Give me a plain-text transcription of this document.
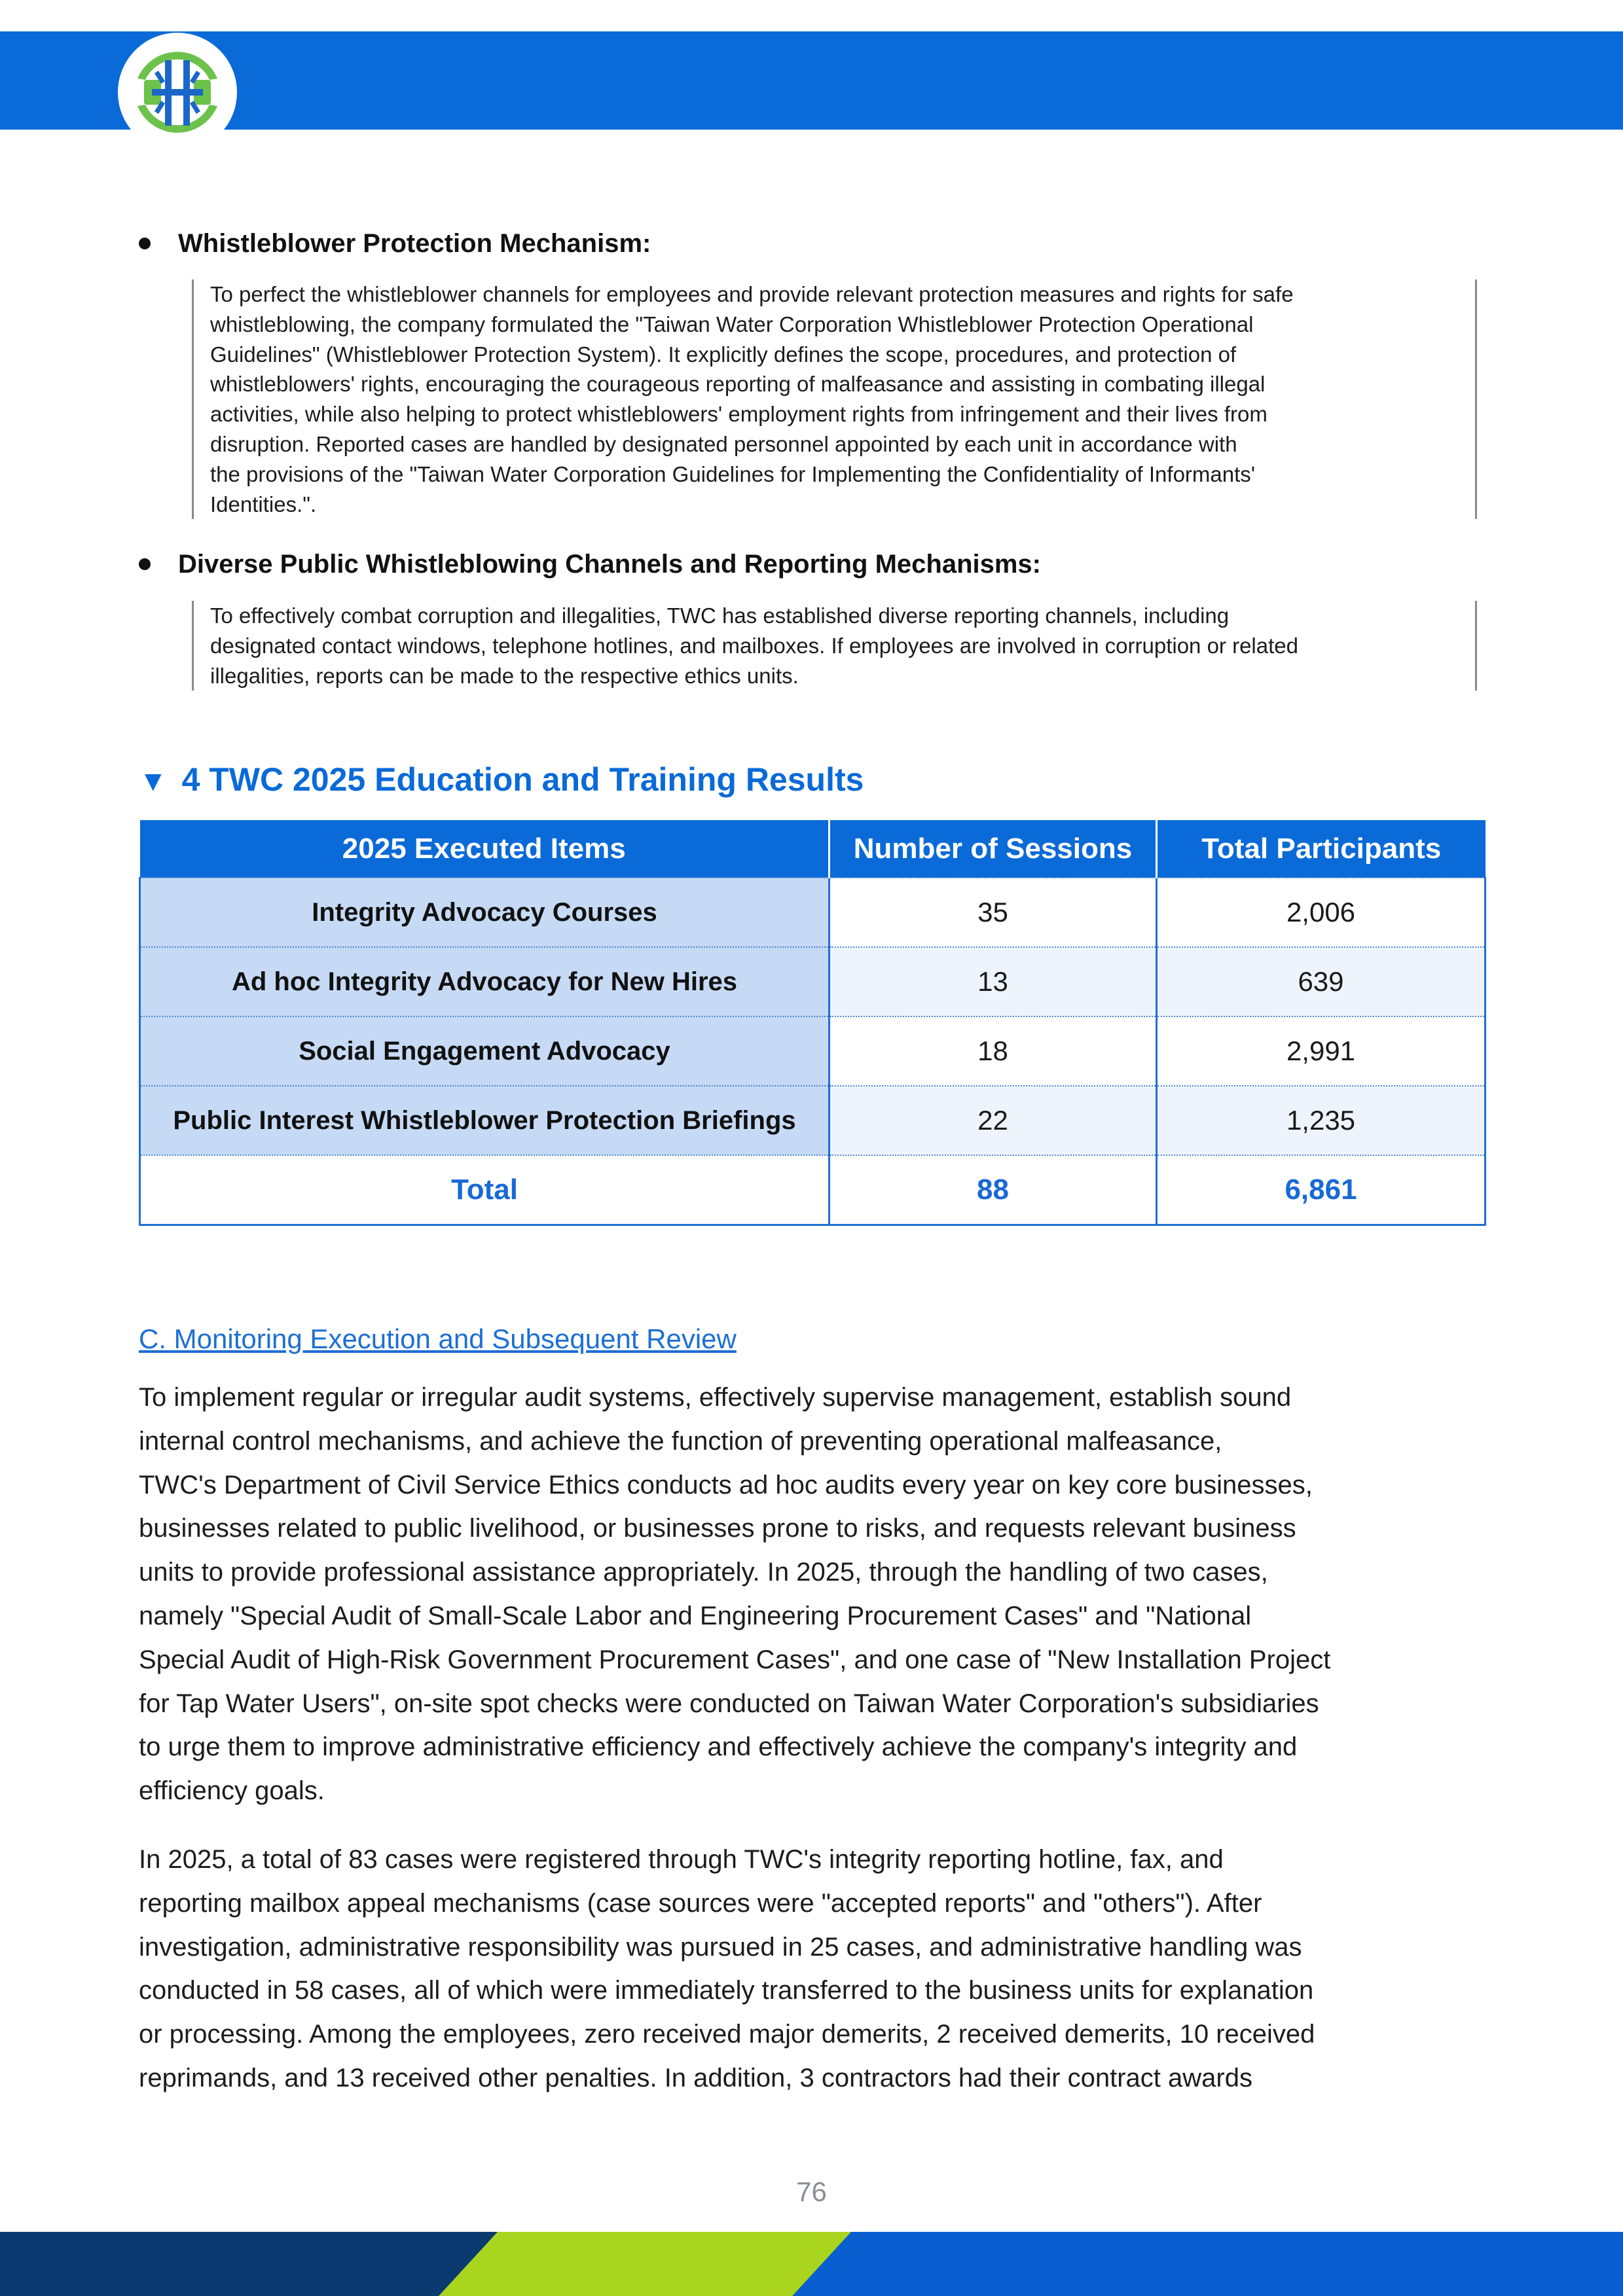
Whistleblower Protection Mechanism:
To perfect the whistleblower channels for employees and provide relevant protection measures and rights for safe
whistleblowing, the company formulated the "Taiwan Water Corporation Whistleblower Protection Operational
Guidelines" (Whistleblower Protection System). It explicitly defines the scope, procedures, and protection of
whistleblowers' rights, encouraging the courageous reporting of malfeasance and assisting in combating illegal
activities, while also helping to protect whistleblowers' employment rights from infringement and their lives from
disruption. Reported cases are handled by designated personnel appointed by each unit in accordance with
the provisions of the "Taiwan Water Corporation Guidelines for Implementing the Confidentiality of Informants'
Identities.".
Diverse Public Whistleblowing Channels and Reporting Mechanisms:
To effectively combat corruption and illegalities, TWC has established diverse reporting channels, including
designated contact windows, telephone hotlines, and mailboxes. If employees are involved in corruption or related
illegalities, reports can be made to the respective ethics units.
▼ 4 TWC 2025 Education and Training Results
2025 Executed Items	Number of Sessions	Total Participants
Integrity Advocacy Courses	35	2,006
Ad hoc Integrity Advocacy for New Hires	13	639
Social Engagement Advocacy	18	2,991
Public Interest Whistleblower Protection Briefings	22	1,235
Total	88	6,861
C. Monitoring Execution and Subsequent Review
To implement regular or irregular audit systems, effectively supervise management, establish sound
internal control mechanisms, and achieve the function of preventing operational malfeasance,
TWC's Department of Civil Service Ethics conducts ad hoc audits every year on key core businesses,
businesses related to public livelihood, or businesses prone to risks, and requests relevant business
units to provide professional assistance appropriately. In 2025, through the handling of two cases,
namely "Special Audit of Small-Scale Labor and Engineering Procurement Cases" and "National
Special Audit of High-Risk Government Procurement Cases", and one case of "New Installation Project
for Tap Water Users", on-site spot checks were conducted on Taiwan Water Corporation's subsidiaries
to urge them to improve administrative efficiency and effectively achieve the company's integrity and
efficiency goals.
In 2025, a total of 83 cases were registered through TWC's integrity reporting hotline, fax, and
reporting mailbox appeal mechanisms (case sources were "accepted reports" and "others"). After
investigation, administrative responsibility was pursued in 25 cases, and administrative handling was
conducted in 58 cases, all of which were immediately transferred to the business units for explanation
or processing. Among the employees, zero received major demerits, 2 received demerits, 10 received
reprimands, and 13 received other penalties. In addition, 3 contractors had their contract awards
76
